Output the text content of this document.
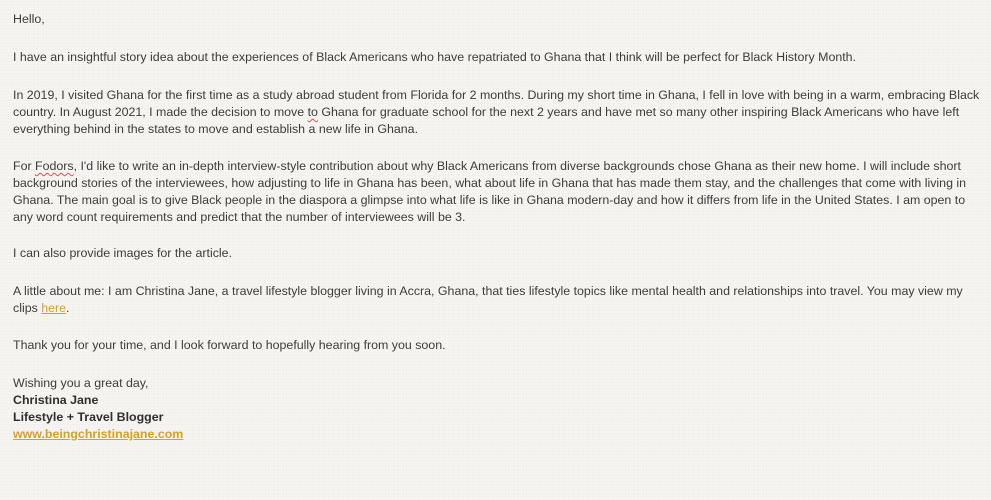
Hello,

I have an insightful story idea about the experiences of Black Americans who have repatriated to Ghana that I think will be perfect for Black History Month.

In 2019, I visited Ghana for the first time as a study abroad student from Florida for 2 months. During my short time in Ghana, I fell in love with being in a warm, embracing Black country. In August 2021, I made the decision to move to Ghana for graduate school for the next 2 years and have met so many other inspiring Black Americans who have left everything behind in the states to move and establish a new life in Ghana.

For Fodors, I'd like to write an in-depth interview-style contribution about why Black Americans from diverse backgrounds chose Ghana as their new home. I will include short background stories of the interviewees, how adjusting to life in Ghana has been, what about life in Ghana that has made them stay, and the challenges that come with living in Ghana. The main goal is to give Black people in the diaspora a glimpse into what life is like in Ghana modern-day and how it differs from life in the United States. I am open to any word count requirements and predict that the number of interviewees will be 3.

I can also provide images for the article.

A little about me: I am Christina Jane, a travel lifestyle blogger living in Accra, Ghana, that ties lifestyle topics like mental health and relationships into travel. You may view my clips here.

Thank you for your time, and I look forward to hopefully hearing from you soon.

Wishing you a great day,

Christina Jane

Lifestyle + Travel Blogger

www.beingchristinajane.com
